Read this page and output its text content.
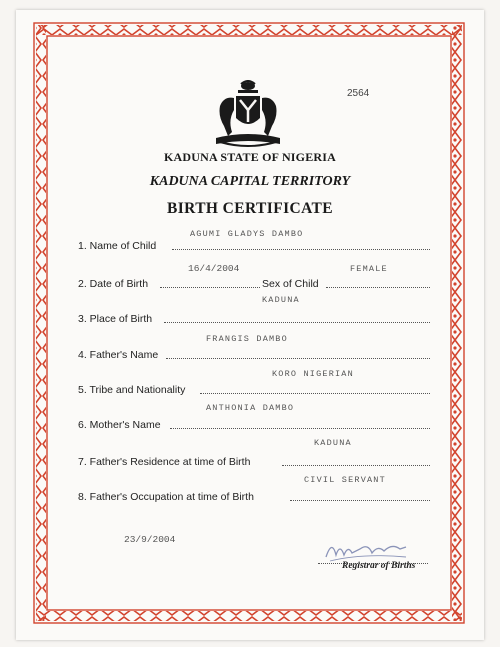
2564
KADUNA STATE OF NIGERIA
KADUNA CAPITAL TERRITORY
BIRTH CERTIFICATE
1. Name of Child
AGUMI GLADYS DAMBO
2. Date of Birth
16/4/2004
Sex of Child
FEMALE
3. Place of Birth
KADUNA
4. Father's Name
FRANGIS DAMBO
5. Tribe and Nationality
KORO NIGERIAN
6. Mother's Name
ANTHONIA DAMBO
7. Father's Residence at time of Birth
KADUNA
8. Father's Occupation at time of Birth
CIVIL SERVANT
23/9/2004
Registrar of Births
